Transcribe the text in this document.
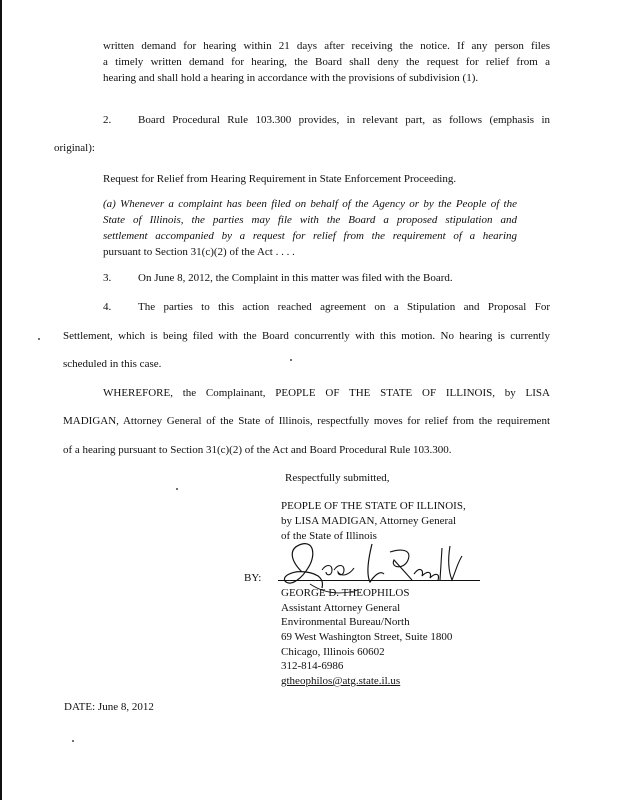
written demand for hearing within 21 days after receiving the notice. If any person files
a timely written demand for hearing, the Board shall deny the request for relief from a
hearing and shall hold a hearing in accordance with the provisions of subdivision (1).
2. Board Procedural Rule 103.300 provides, in relevant part, as follows (emphasis in
original):
Request for Relief from Hearing Requirement in State Enforcement Proceeding.
(a) Whenever a complaint has been filed on behalf of the Agency or by the People of the
State of Illinois, the parties may file with the Board a proposed stipulation and
settlement accompanied by a request for relief from the requirement of a hearing
pursuant to Section 31(c)(2) of the Act . . . .
3. On June 8, 2012, the Complaint in this matter was filed with the Board.
4. The parties to this action reached agreement on a Stipulation and Proposal For
Settlement, which is being filed with the Board concurrently with this motion. No hearing is currently
scheduled in this case.
WHEREFORE, the Complainant, PEOPLE OF THE STATE OF ILLINOIS, by LISA
MADIGAN, Attorney General of the State of Illinois, respectfully moves for relief from the requirement
of a hearing pursuant to Section 31(c)(2) of the Act and Board Procedural Rule 103.300.
Respectfully submitted,
PEOPLE OF THE STATE OF ILLINOIS,
by LISA MADIGAN, Attorney General
of the State of Illinois
BY:
GEORGE D. THEOPHILOS
Assistant Attorney General
Environmental Bureau/North
69 West Washington Street, Suite 1800
Chicago, Illinois 60602
312-814-6986
gtheophilos@atg.state.il.us
DATE: June 8, 2012
